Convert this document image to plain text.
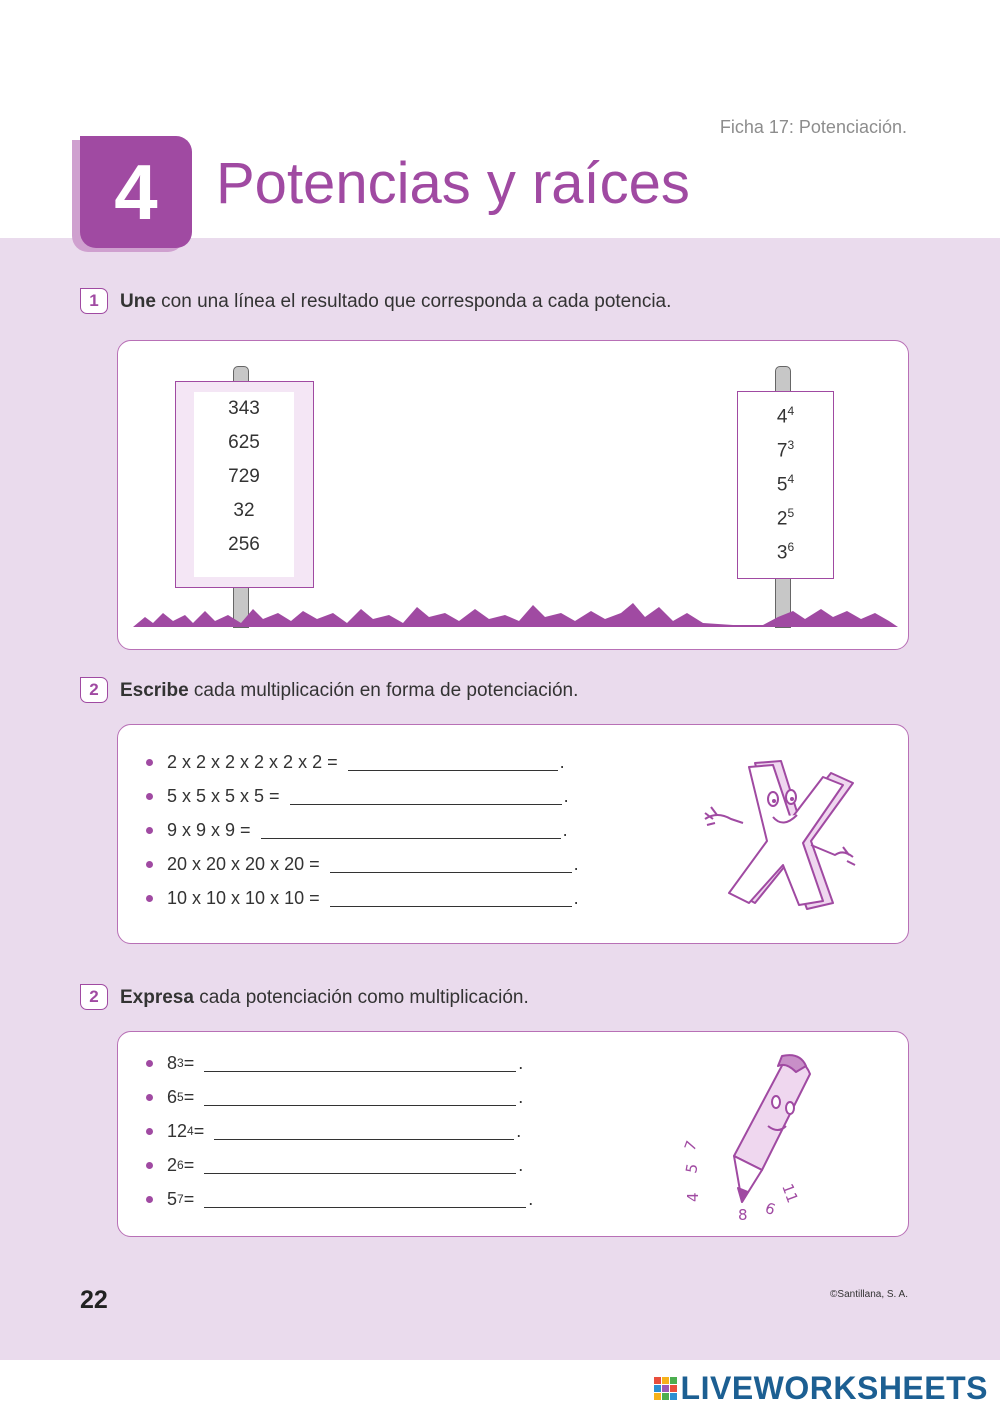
Ficha 17: Potenciación.
4	Potencias y raíces
1	Une con una línea el resultado que corresponda a cada potencia.
343
625
729
32
256
$4^4$
$7^3$
$5^4$
$2^5$
$3^6$
2	Escribe cada multiplicación en forma de potenciación.
2 x 2 x 2 x 2 x 2 x 2 =	.
5 x 5 x 5 x 5 =	.
9 x 9 x 9 =	.
20 x 20 x 20 x 20 =	.
10 x 10 x 10 x 10 =	.
2	Expresa cada potenciación como multiplicación.
8 3 =	.
6 5 =	.
12 4 =	.
2 6 =	.
5 7 =	.
7
5
4
8 6
11
22	©Santillana, S. A.
LIVEWORKSHEETS
